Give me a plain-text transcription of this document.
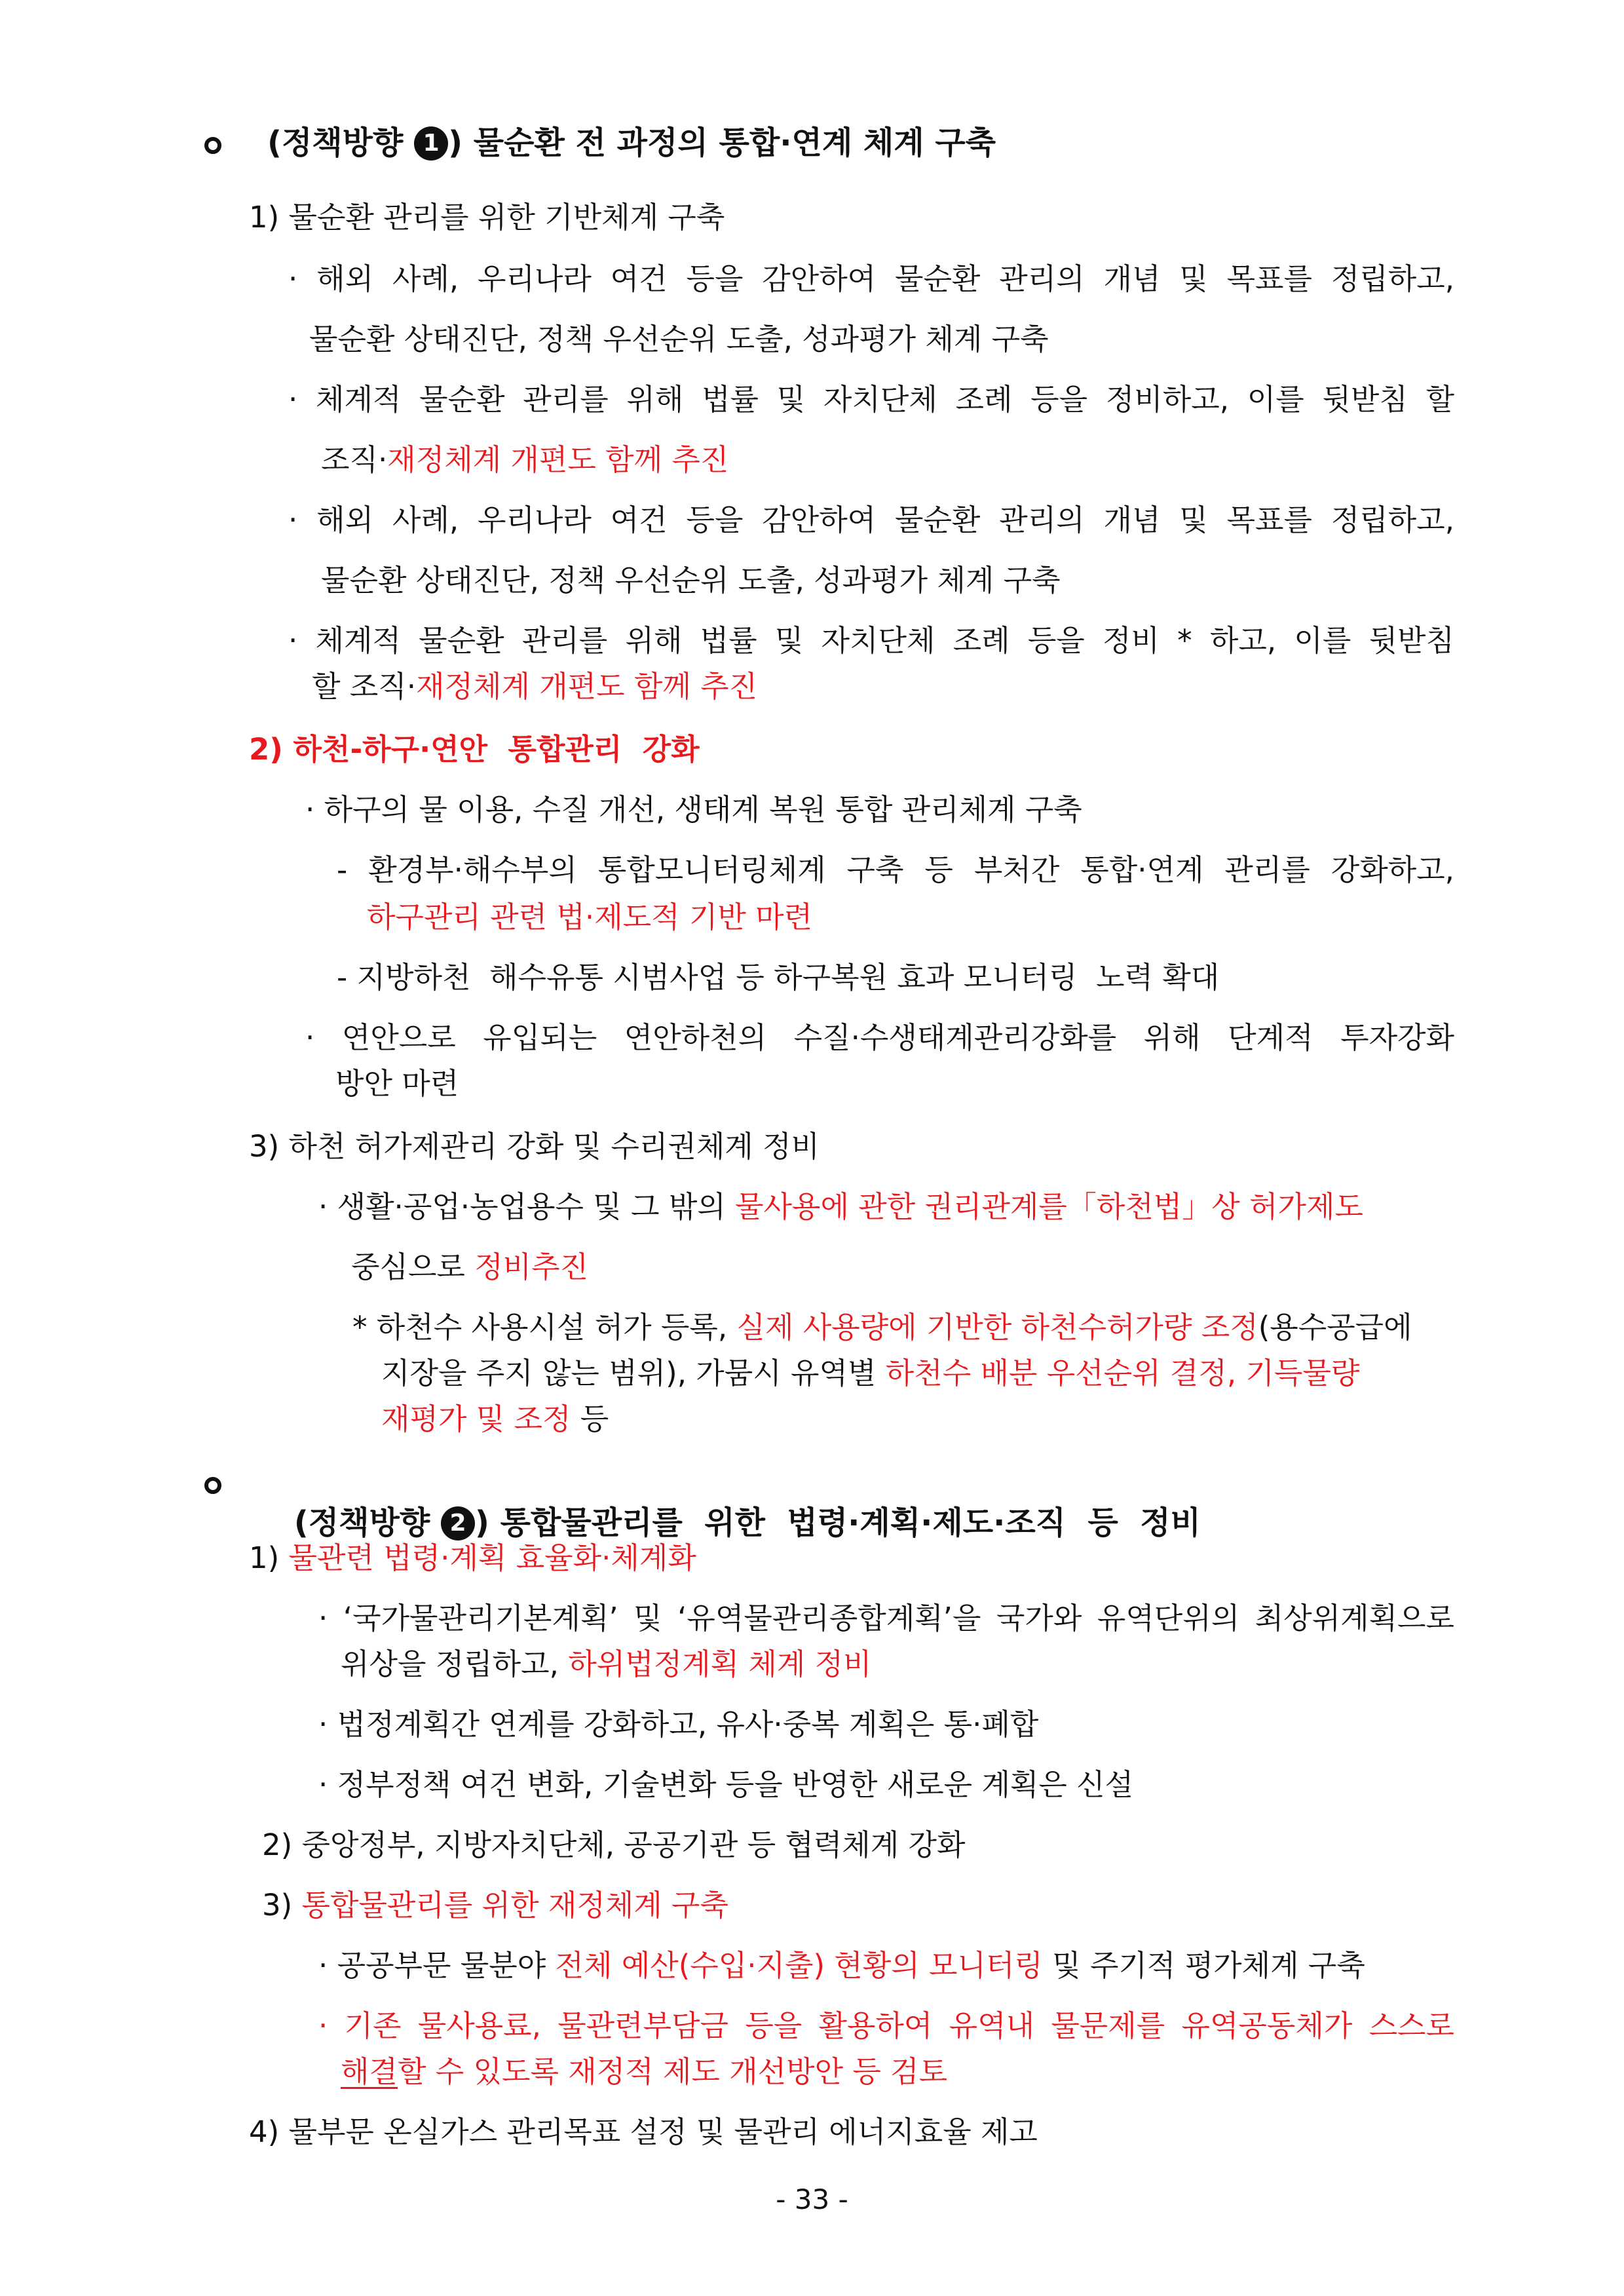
(정책방향 1 ) 물순환 전 과정의 통합·연계 체계 구축
1) 물순환 관리를 위한 기반체계 구축
· 해외 사례, 우리나라 여건 등을 감안하여 물순환 관리의 개념 및 목표를 정립하고,
물순환 상태진단, 정책 우선순위 도출, 성과평가 체계 구축
· 체계적 물순환 관리를 위해 법률 및 자치단체 조례 등을 정비하고, 이를 뒷받침 할
조직·재정체계 개편도 함께 추진
· 해외 사례, 우리나라 여건 등을 감안하여 물순환 관리의 개념 및 목표를 정립하고,
물순환 상태진단, 정책 우선순위 도출, 성과평가 체계 구축
· 체계적 물순환 관리를 위해 법률 및 자치단체 조례 등을 정비 * 하고, 이를 뒷받침
할 조직·재정체계 개편도 함께 추진
2) 하천-하구·연안  통합관리  강화
· 하구의 물 이용, 수질 개선, 생태계 복원 통합 관리체계 구축
- 환경부·해수부의 통합모니터링체계 구축 등 부처간 통합·연계 관리를 강화하고,
하구관리 관련 법·제도적 기반 마련
- 지방하천  해수유통 시범사업 등 하구복원 효과 모니터링  노력 확대
· 연안으로 유입되는 연안하천의 수질·수생태계관리강화를 위해 단계적 투자강화
방안 마련
3) 하천 허가제관리 강화 및 수리권체계 정비
· 생활·공업·농업용수 및 그 밖의 물사용에 관한 권리관계를「하천법」상 허가제도
중심으로 정비추진
* 하천수 사용시설 허가 등록, 실제 사용량에 기반한 하천수허가량 조정(용수공급에
지장을 주지 않는 범위), 가뭄시 유역별 하천수 배분 우선순위 결정, 기득물량
재평가 및 조정 등

(정책방향 2 ) 통합물관리를  위한  법령·계획·제도·조직  등  정비

1) 물관련 법령·계획 효율화·체계화
· ‘국가물관리기본계획’ 및 ‘유역물관리종합계획’을 국가와 유역단위의 최상위계획으로
위상을 정립하고, 하위법정계획 체계 정비
· 법정계획간 연계를 강화하고, 유사·중복 계획은 통·폐합
· 정부정책 여건 변화, 기술변화 등을 반영한 새로운 계획은 신설
2) 중앙정부, 지방자치단체, 공공기관 등 협력체계 강화
3) 통합물관리를 위한 재정체계 구축
· 공공부문 물분야 전체 예산(수입·지출) 현황의 모니터링 및 주기적 평가체계 구축
· 기존 물사용료, 물관련부담금 등을 활용하여 유역내 물문제를 유역공동체가 스스로
해결할 수 있도록 재정적 제도 개선방안 등 검토
4) 물부문 온실가스 관리목표 설정 및 물관리 에너지효율 제고
- 33 -
